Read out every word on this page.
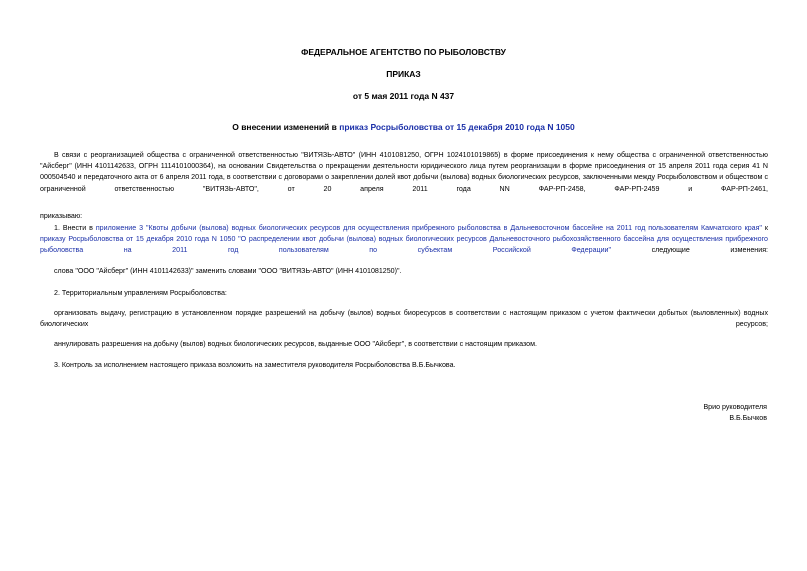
ФЕДЕРАЛЬНОЕ АГЕНТСТВО ПО РЫБОЛОВСТВУ
ПРИКАЗ
от 5 мая 2011 года N 437
О внесении изменений в приказ Росрыболовства от 15 декабря 2010 года N 1050
В связи с реорганизацией общества с ограниченной ответственностью "ВИТЯЗЬ-АВТО" (ИНН 4101081250, ОГРН 1024101019865) в форме присоединения к нему общества с ограниченной ответственностью "Айсберг" (ИНН 4101142633, ОГРН 1114101000364), на основании Свидетельства о прекращении деятельности юридического лица путем реорганизации в форме присоединения от 15 апреля 2011 года серия 41 N 000504540 и передаточного акта от 6 апреля 2011 года, в соответствии с договорами о закреплении долей квот добычи (вылова) водных биологических ресурсов, заключенными между Росрыболовством и обществом с ограниченной ответственностью "ВИТЯЗЬ-АВТО", от 20 апреля 2011 года NN ФАР-РП-2458, ФАР-РП-2459 и ФАР-РП-2461,
приказываю:
1. Внести в приложение 3 "Квоты добычи (вылова) водных биологических ресурсов для осуществления прибрежного рыболовства в Дальневосточном бассейне на 2011 год пользователям Камчатского края" к приказу Росрыболовства от 15 декабря 2010 года N 1050 "О распределении квот добычи (вылова) водных биологических ресурсов Дальневосточного рыбохозяйственного бассейна для осуществления прибрежного рыболовства на 2011 год пользователям по субъектам Российской Федерации" следующие изменения:
слова "ООО "Айсберг" (ИНН 4101142633)" заменить словами "ООО "ВИТЯЗЬ-АВТО" (ИНН 4101081250)".
2. Территориальным управлениям Росрыболовства:
организовать выдачу, регистрацию в установленном порядке разрешений на добычу (вылов) водных биоресурсов в соответствии с настоящим приказом с учетом фактически добытых (выловленных) водных биологических ресурсов;
аннулировать разрешения на добычу (вылов) водных биологических ресурсов, выданные ООО "Айсберг", в соответствии с настоящим приказом.
3. Контроль за исполнением настоящего приказа возложить на заместителя руководителя Росрыболовства В.Б.Бычкова.
Врио руководителя
В.Б.Бычков
